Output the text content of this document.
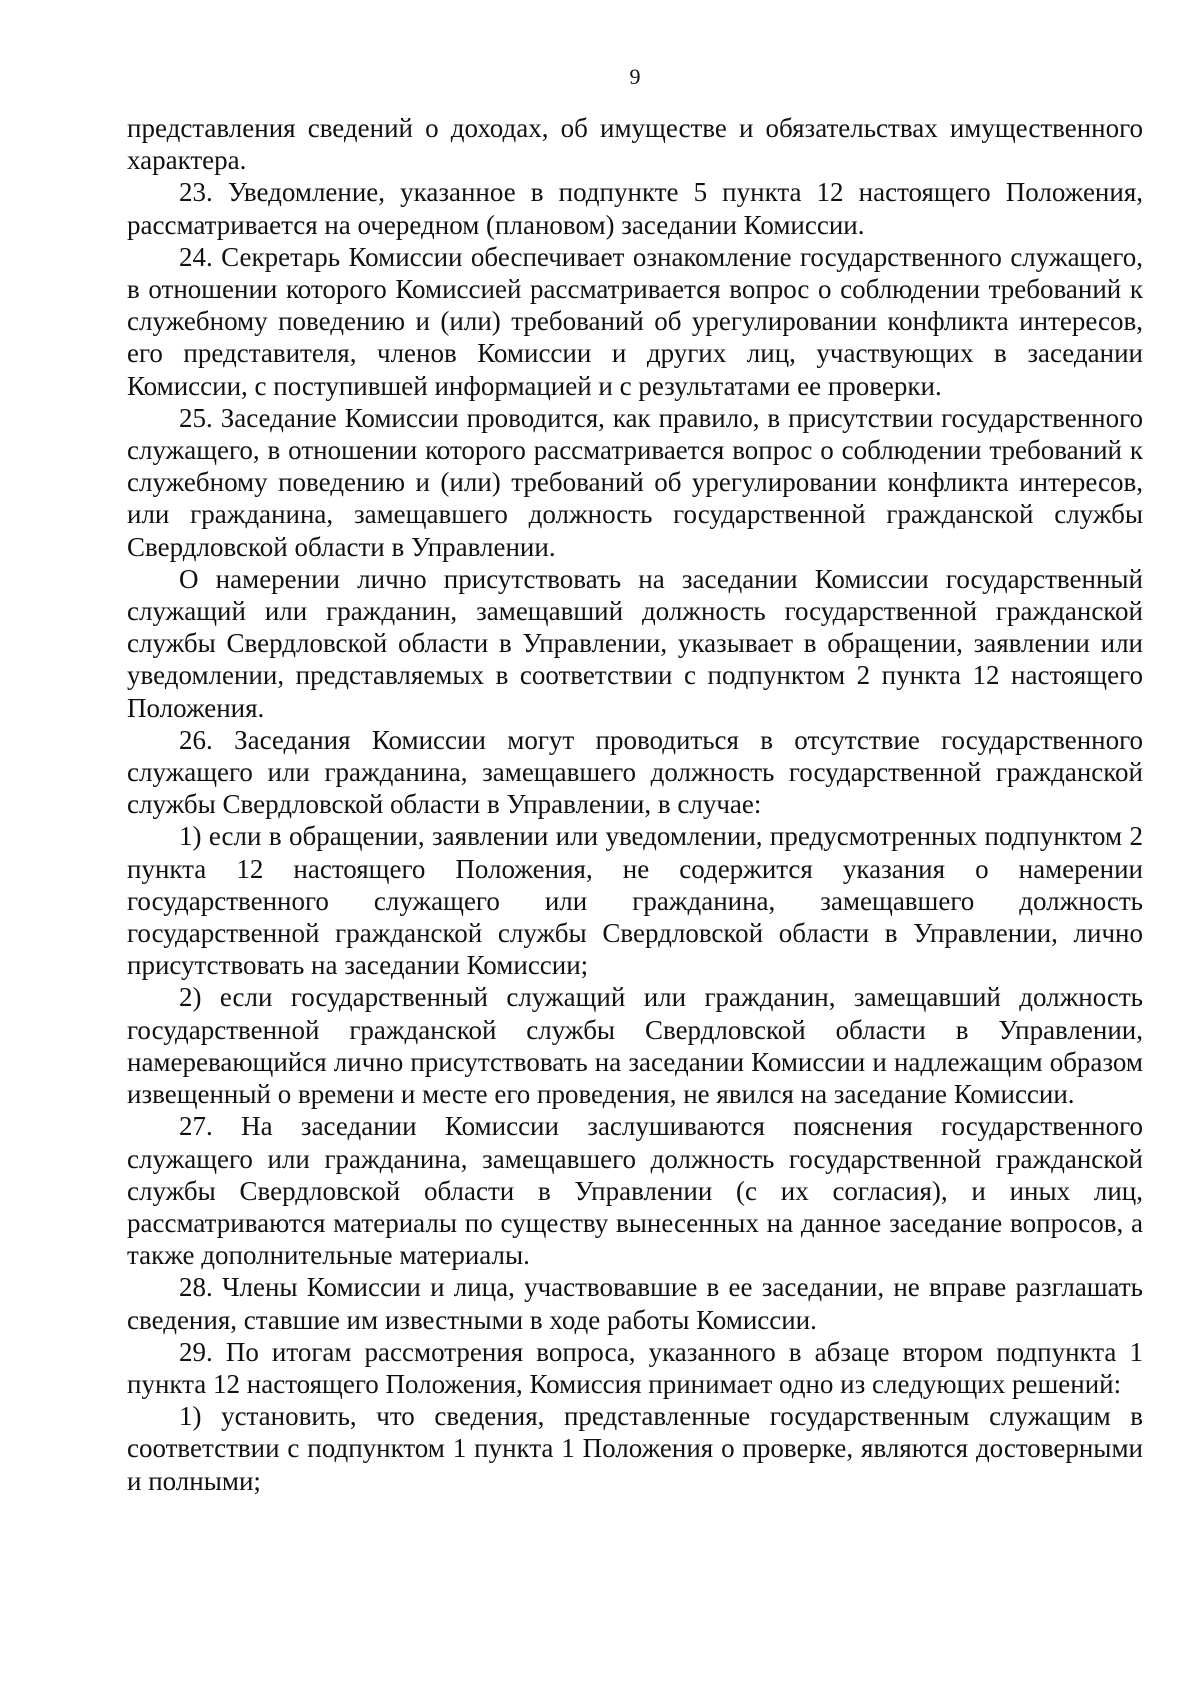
9

представления сведений о доходах, об имуществе и обязательствах имущественного характера.

23. Уведомление, указанное в подпункте 5 пункта 12 настоящего Положения, рассматривается на очередном (плановом) заседании Комиссии.

24. Секретарь Комиссии обеспечивает ознакомление государственного служащего, в отношении которого Комиссией рассматривается вопрос о соблюдении требований к служебному поведению и (или) требований об урегулировании конфликта интересов, его представителя, членов Комиссии и других лиц, участвующих в заседании Комиссии, с поступившей информацией и с результатами ее проверки.

25. Заседание Комиссии проводится, как правило, в присутствии государственного служащего, в отношении которого рассматривается вопрос о соблюдении требований к служебному поведению и (или) требований об урегулировании конфликта интересов, или гражданина, замещавшего должность государственной гражданской службы Свердловской области в Управлении.

О намерении лично присутствовать на заседании Комиссии государственный служащий или гражданин, замещавший должность государственной гражданской службы Свердловской области в Управлении, указывает в обращении, заявлении или уведомлении, представляемых в соответствии с подпунктом 2 пункта 12 настоящего Положения.

26. Заседания Комиссии могут проводиться в отсутствие государственного служащего или гражданина, замещавшего должность государственной гражданской службы Свердловской области в Управлении, в случае:

1) если в обращении, заявлении или уведомлении, предусмотренных подпунктом 2 пункта 12 настоящего Положения, не содержится указания о намерении государственного служащего или гражданина, замещавшего должность государственной гражданской службы Свердловской области в Управлении, лично присутствовать на заседании Комиссии;

2) если государственный служащий или гражданин, замещавший должность государственной гражданской службы Свердловской области в Управлении, намеревающийся лично присутствовать на заседании Комиссии и надлежащим образом извещенный о времени и месте его проведения, не явился на заседание Комиссии.

27. На заседании Комиссии заслушиваются пояснения государственного служащего или гражданина, замещавшего должность государственной гражданской службы Свердловской области в Управлении (с их согласия), и иных лиц, рассматриваются материалы по существу вынесенных на данное заседание вопросов, а также дополнительные материалы.

28. Члены Комиссии и лица, участвовавшие в ее заседании, не вправе разглашать сведения, ставшие им известными в ходе работы Комиссии.

29. По итогам рассмотрения вопроса, указанного в абзаце втором подпункта 1 пункта 12 настоящего Положения, Комиссия принимает одно из следующих решений:

1) установить, что сведения, представленные государственным служащим в соответствии с подпунктом 1 пункта 1 Положения о проверке, являются достоверными и полными;
